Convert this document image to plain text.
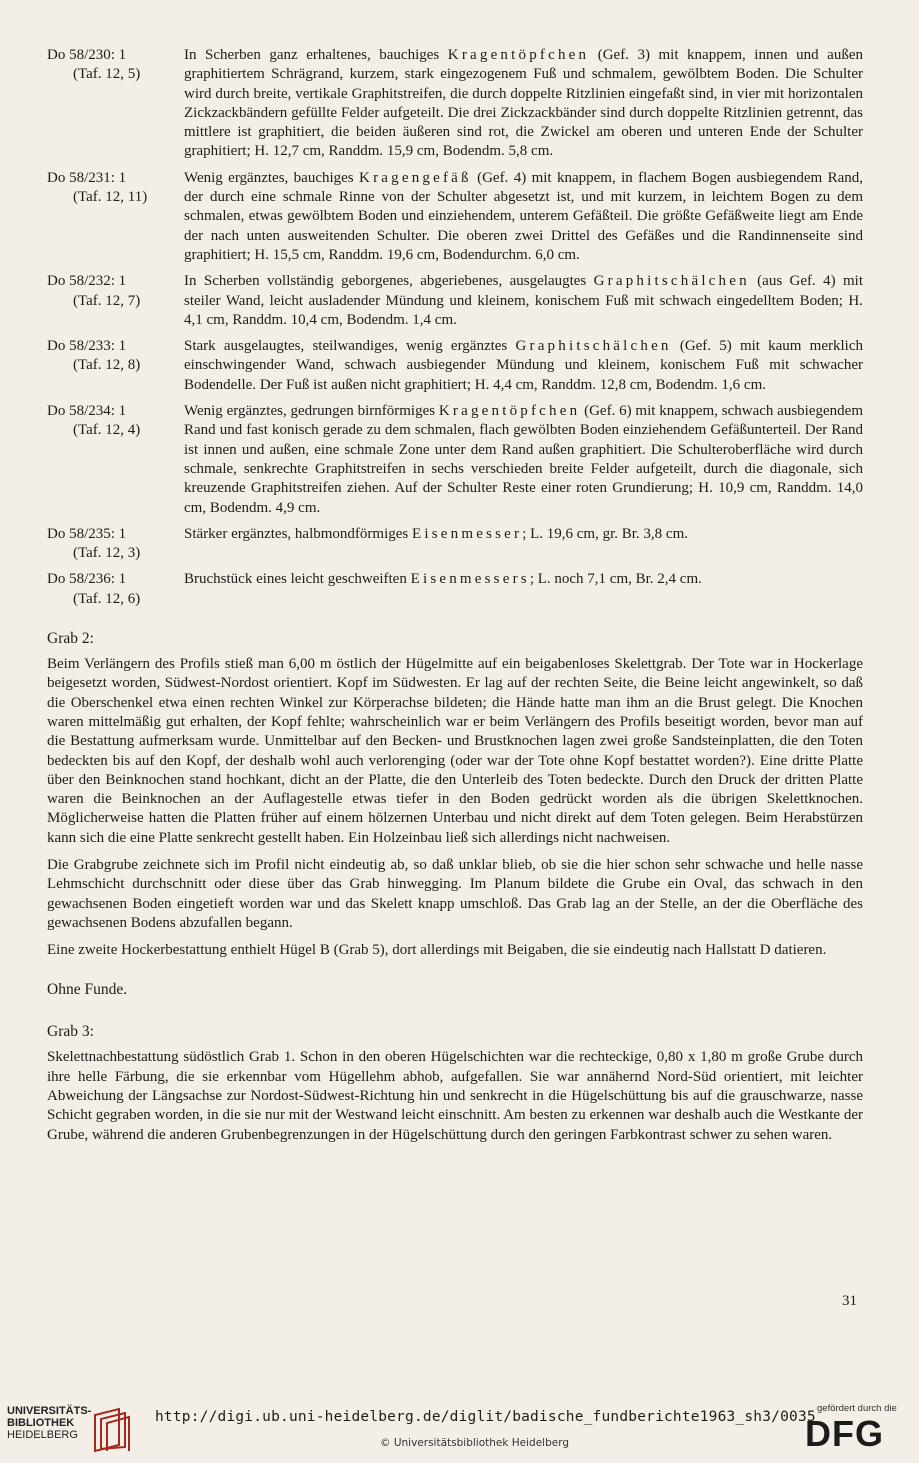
Do 58/230: 1
(Taf. 12, 5)
In Scherben ganz erhaltenes, bauchiges Kragentöpfchen (Gef. 3) mit knappem, innen und außen graphitiertem Schrägrand, kurzem, stark eingezogenem Fuß und schmalem, gewölbtem Boden. Die Schulter wird durch breite, vertikale Graphitstreifen, die durch doppelte Ritzlinien eingefaßt sind, in vier mit horizontalen Zickzackbändern gefüllte Felder aufgeteilt. Die drei Zickzackbänder sind durch doppelte Ritzlinien getrennt, das mittlere ist graphitiert, die beiden äußeren sind rot, die Zwickel am oberen und unteren Ende der Schulter graphitiert; H. 12,7 cm, Randdm. 15,9 cm, Bodendm. 5,8 cm.
Do 58/231: 1
(Taf. 12, 11)
Wenig ergänztes, bauchiges Kragengefäß (Gef. 4) mit knappem, in flachem Bogen ausbiegendem Rand, der durch eine schmale Rinne von der Schulter abgesetzt ist, und mit kurzem, in leichtem Bogen zu dem schmalen, etwas gewölbtem Boden und einziehendem, unterem Gefäßteil. Die größte Gefäßweite liegt am Ende der nach unten ausweitenden Schulter. Die oberen zwei Drittel des Gefäßes und die Randinnenseite sind graphitiert; H. 15,5 cm, Randdm. 19,6 cm, Bodendurchm. 6,0 cm.
Do 58/232: 1
(Taf. 12, 7)
In Scherben vollständig geborgenes, abgeriebenes, ausgelaugtes Graphitschälchen (aus Gef. 4) mit steiler Wand, leicht ausladender Mündung und kleinem, konischem Fuß mit schwach eingedelltem Boden; H. 4,1 cm, Randdm. 10,4 cm, Bodendm. 1,4 cm.
Do 58/233: 1
(Taf. 12, 8)
Stark ausgelaugtes, steilwandiges, wenig ergänztes Graphitschälchen (Gef. 5) mit kaum merklich einschwingender Wand, schwach ausbiegender Mündung und kleinem, konischem Fuß mit schwacher Bodendelle. Der Fuß ist außen nicht graphitiert; H. 4,4 cm, Randdm. 12,8 cm, Bodendm. 1,6 cm.
Do 58/234: 1
(Taf. 12, 4)
Wenig ergänztes, gedrungen birnförmiges Kragentöpfchen (Gef. 6) mit knappem, schwach ausbiegendem Rand und fast konisch gerade zu dem schmalen, flach gewölbten Boden einziehendem Gefäßunterteil. Der Rand ist innen und außen, eine schmale Zone unter dem Rand außen graphitiert. Die Schulteroberfläche wird durch schmale, senkrechte Graphitstreifen in sechs verschieden breite Felder aufgeteilt, durch die diagonale, sich kreuzende Graphitstreifen ziehen. Auf der Schulter Reste einer roten Grundierung; H. 10,9 cm, Randdm. 14,0 cm, Bodendm. 4,9 cm.
Do 58/235: 1
(Taf. 12, 3)
Stärker ergänztes, halbmondförmiges Eisenmesser; L. 19,6 cm, gr. Br. 3,8 cm.
Do 58/236: 1
(Taf. 12, 6)
Bruchstück eines leicht geschweiften Eisenmessers; L. noch 7,1 cm, Br. 2,4 cm.
Grab 2:

Beim Verlängern des Profils stieß man 6,00 m östlich der Hügelmitte auf ein beigabenloses Skelettgrab. Der Tote war in Hockerlage beigesetzt worden, Südwest-Nordost orientiert. Kopf im Südwesten. Er lag auf der rechten Seite, die Beine leicht angewinkelt, so daß die Oberschenkel etwa einen rechten Winkel zur Körperachse bildeten; die Hände hatte man ihm an die Brust gelegt. Die Knochen waren mittelmäßig gut erhalten, der Kopf fehlte; wahrscheinlich war er beim Verlängern des Profils beseitigt worden, bevor man auf die Bestattung aufmerksam wurde. Unmittelbar auf den Becken- und Brustknochen lagen zwei große Sandsteinplatten, die den Toten bedeckten bis auf den Kopf, der deshalb wohl auch verlorenging (oder war der Tote ohne Kopf bestattet worden?). Eine dritte Platte über den Beinknochen stand hochkant, dicht an der Platte, die den Unterleib des Toten bedeckte. Durch den Druck der dritten Platte waren die Beinknochen an der Auflagestelle etwas tiefer in den Boden gedrückt worden als die übrigen Skelettknochen. Möglicherweise hatten die Platten früher auf einem hölzernen Unterbau und nicht direkt auf dem Toten gelegen. Beim Herabstürzen kann sich die eine Platte senkrecht gestellt haben. Ein Holzeinbau ließ sich allerdings nicht nachweisen.

Die Grabgrube zeichnete sich im Profil nicht eindeutig ab, so daß unklar blieb, ob sie die hier schon sehr schwache und helle nasse Lehmschicht durchschnitt oder diese über das Grab hinwegging. Im Planum bildete die Grube ein Oval, das schwach in den gewachsenen Boden eingetieft worden war und das Skelett knapp umschloß. Das Grab lag an der Stelle, an der die Oberfläche des gewachsenen Bodens abzufallen begann.

Eine zweite Hockerbestattung enthielt Hügel B (Grab 5), dort allerdings mit Beigaben, die sie eindeutig nach Hallstatt D datieren.

Ohne Funde.

Grab 3:

Skelettnachbestattung südöstlich Grab 1. Schon in den oberen Hügelschichten war die rechteckige, 0,80 x 1,80 m große Grube durch ihre helle Färbung, die sie erkennbar vom Hügellehm abhob, aufgefallen. Sie war annähernd Nord-Süd orientiert, mit leichter Abweichung der Längsachse zur Nordost-Südwest-Richtung hin und senkrecht in die Hügelschüttung bis auf die grauschwarze, nasse Schicht gegraben worden, in die sie nur mit der Westwand leicht einschnitt. Am besten zu erkennen war deshalb auch die Westkante der Grube, während die anderen Grubenbegrenzungen in der Hügelschüttung durch den geringen Farbkontrast schwer zu sehen waren.

31
UNIVERSITÄTS-
BIBLIOTHEK
HEIDELBERG
http://digi.ub.uni-heidelberg.de/diglit/badische_fundberichte1963_sh3/0035
© Universitätsbibliothek Heidelberg
gefördert durch die
DFG
